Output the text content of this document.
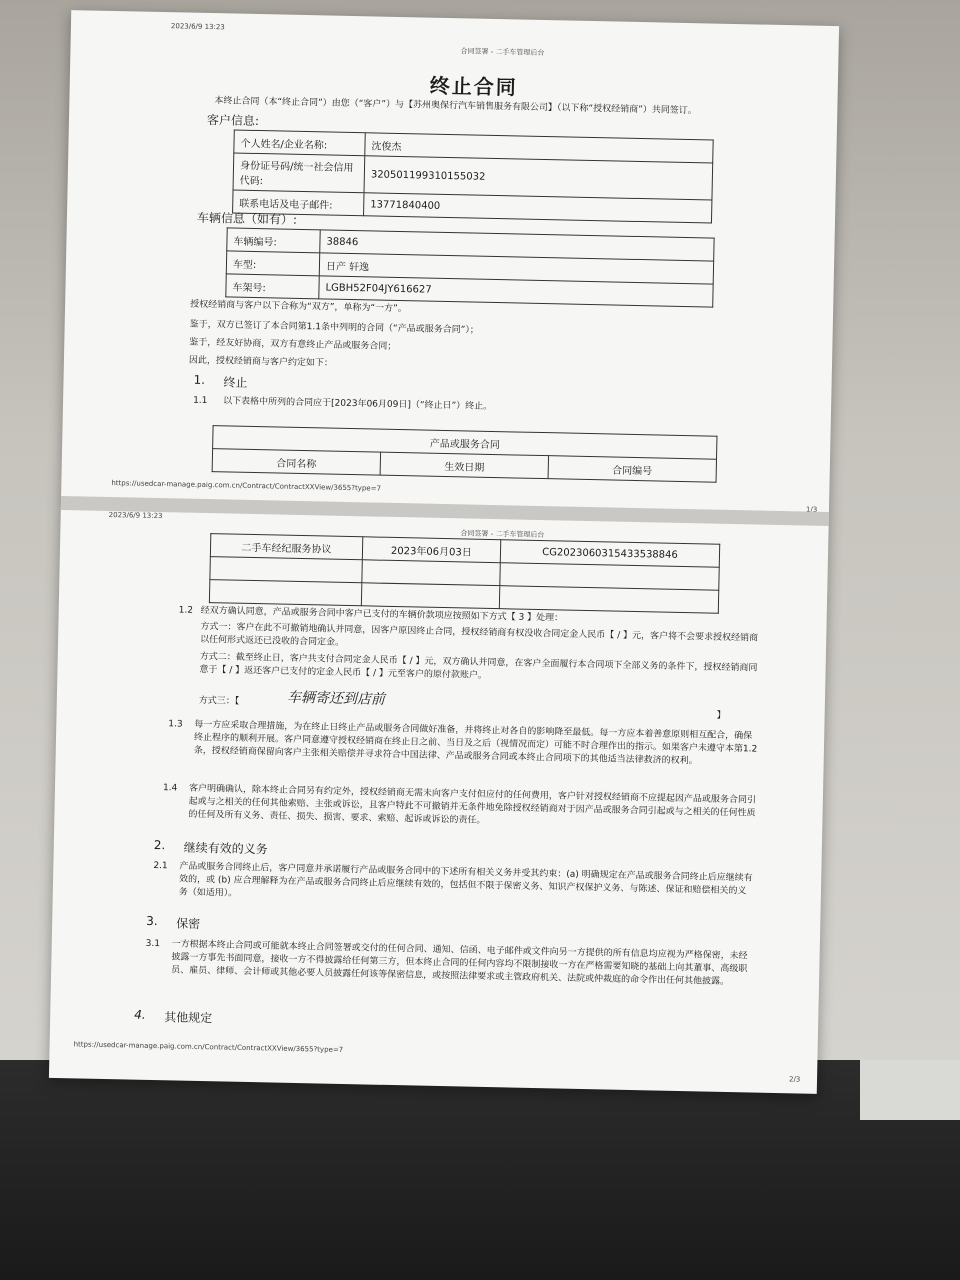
2023/6/9 13:23
合同签署 - 二手车管理后台
终止合同
本终止合同（本“终止合同”）由您（“客户”）与【苏州奥保行汽车销售服务有限公司】（以下称“授权经销商”）共同签订。
客户信息:
个人姓名/企业名称:	沈俊杰
身份证号码/统一社会信用代码:	320501199310155032
联系电话及电子邮件:	13771840400
车辆信息（如有）:
车辆编号:	38846
车型:	日产 轩逸
车架号:	LGBH52F04JY616627
授权经销商与客户以下合称为“双方”，单称为“一方”。
鉴于，双方已签订了本合同第1.1条中列明的合同（“产品或服务合同”）；
鉴于，经友好协商，双方有意终止产品或服务合同；
因此，授权经销商与客户约定如下：
1. 终止
1.1 以下表格中所列的合同应于[2023年06月09日]（“终止日”）终止。
产品或服务合同
合同名称	生效日期	合同编号
https://usedcar-manage.paig.com.cn/Contract/ContractXXView/3655?type=7
1/3
2023/6/9 13:23
合同签署 - 二手车管理后台
二手车经纪服务协议	2023年06月03日	CG2023060315433538846

1.2 经双方确认同意，产品或服务合同中客户已支付的车辆价款项应按照如下方式【 3 】处理：
方式一：客户在此不可撤销地确认并同意，因客户原因终止合同，授权经销商有权没收合同定金人民币【 / 】元，客户将不会要求授权经销商以任何形式返还已没收的合同定金。
方式二：截至终止日，客户共支付合同定金人民币【 / 】元，双方确认并同意，在客户全面履行本合同项下全部义务的条件下，授权经销商同意于【 / 】返还客户已支付的定金人民币【 / 】元至客户的原付款账户。
方式三：【	车辆寄还到店前
】
1.3 每一方应采取合理措施，为在终止日终止产品或服务合同做好准备，并将终止对各自的影响降至最低。每一方应本着善意原则相互配合，确保终止程序的顺利开展。客户同意遵守授权经销商在终止日之前、当日及之后（视情况而定）可能不时合理作出的指示。如果客户未遵守本第1.2条，授权经销商保留向客户主张相关赔偿并寻求符合中国法律、产品或服务合同或本终止合同项下的其他适当法律救济的权利。
1.4 客户明确确认，除本终止合同另有约定外，授权经销商无需未向客户支付但应付的任何费用，客户针对授权经销商不应提起因产品或服务合同引起或与之相关的任何其他索赔、主张或诉讼，且客户特此不可撤销并无条件地免除授权经销商对于因产品或服务合同引起或与之相关的任何性质的任何及所有义务、责任、损失、损害、要求、索赔、起诉或诉讼的责任。
2. 继续有效的义务
2.1 产品或服务合同终止后，客户同意并承诺履行产品或服务合同中的下述所有相关义务并受其约束：(a) 明确规定在产品或服务合同终止后应继续有效的，或 (b) 应合理解释为在产品或服务合同终止后应继续有效的，包括但不限于保密义务、知识产权保护义务、与陈述、保证和赔偿相关的义务（如适用）。
3. 保密
3.1 一方根据本终止合同或可能就本终止合同签署或交付的任何合同、通知、信函、电子邮件或文件向另一方提供的所有信息均应视为严格保密，未经披露一方事先书面同意，接收一方不得披露给任何第三方，但本终止合同的任何内容均不限制接收一方在严格需要知晓的基础上向其董事、高级职员、雇员、律师、会计师或其他必要人员披露任何该等保密信息，或按照法律要求或主管政府机关、法院或仲裁庭的命令作出任何其他披露。
4. 其他规定
https://usedcar-manage.paig.com.cn/Contract/ContractXXView/3655?type=7
2/3
